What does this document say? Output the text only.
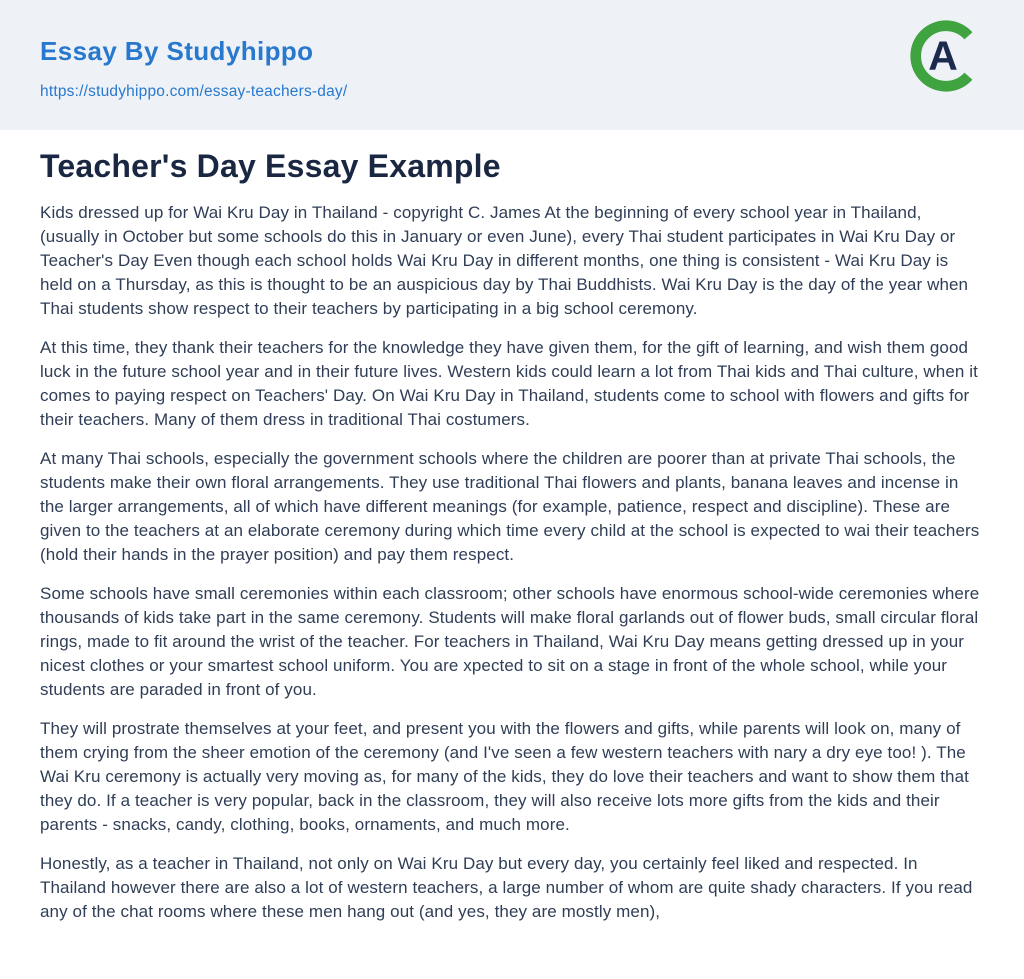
Essay By Studyhippo
https://studyhippo.com/essay-teachers-day/
A
Teacher's Day Essay Example

Kids dressed up for Wai Kru Day in Thailand - copyright C. James At the beginning of every school year in Thailand, (usually in October but some schools do this in January or even June), every Thai student participates in Wai Kru Day or Teacher's Day Even though each school holds Wai Kru Day in different months, one thing is consistent - Wai Kru Day is held on a Thursday, as this is thought to be an auspicious day by Thai Buddhists. Wai Kru Day is the day of the year when Thai students show respect to their teachers by participating in a big school ceremony.

At this time, they thank their teachers for the knowledge they have given them, for the gift of learning, and wish them good luck in the future school year and in their future lives. Western kids could learn a lot from Thai kids and Thai culture, when it comes to paying respect on Teachers' Day. On Wai Kru Day in Thailand, students come to school with flowers and gifts for their teachers. Many of them dress in traditional Thai costumers.

At many Thai schools, especially the government schools where the children are poorer than at private Thai schools, the students make their own floral arrangements. They use traditional Thai flowers and plants, banana leaves and incense in the larger arrangements, all of which have different meanings (for example, patience, respect and discipline). These are given to the teachers at an elaborate ceremony during which time every child at the school is expected to wai their teachers (hold their hands in the prayer position) and pay them respect.

Some schools have small ceremonies within each classroom; other schools have enormous school-wide ceremonies where thousands of kids take part in the same ceremony. Students will make floral garlands out of flower buds, small circular floral rings, made to fit around the wrist of the teacher. For teachers in Thailand, Wai Kru Day means getting dressed up in your nicest clothes or your smartest school uniform. You are xpected to sit on a stage in front of the whole school, while your students are paraded in front of you.

They will prostrate themselves at your feet, and present you with the flowers and gifts, while parents will look on, many of them crying from the sheer emotion of the ceremony (and I've seen a few western teachers with nary a dry eye too! ). The Wai Kru ceremony is actually very moving as, for many of the kids, they do love their teachers and want to show them that they do. If a teacher is very popular, back in the classroom, they will also receive lots more gifts from the kids and their parents - snacks, candy, clothing, books, ornaments, and much more.

Honestly, as a teacher in Thailand, not only on Wai Kru Day but every day, you certainly feel liked and respected. In Thailand however there are also a lot of western teachers, a large number of whom are quite shady characters. If you read any of the chat rooms where these men hang out (and yes, they are mostly men),
